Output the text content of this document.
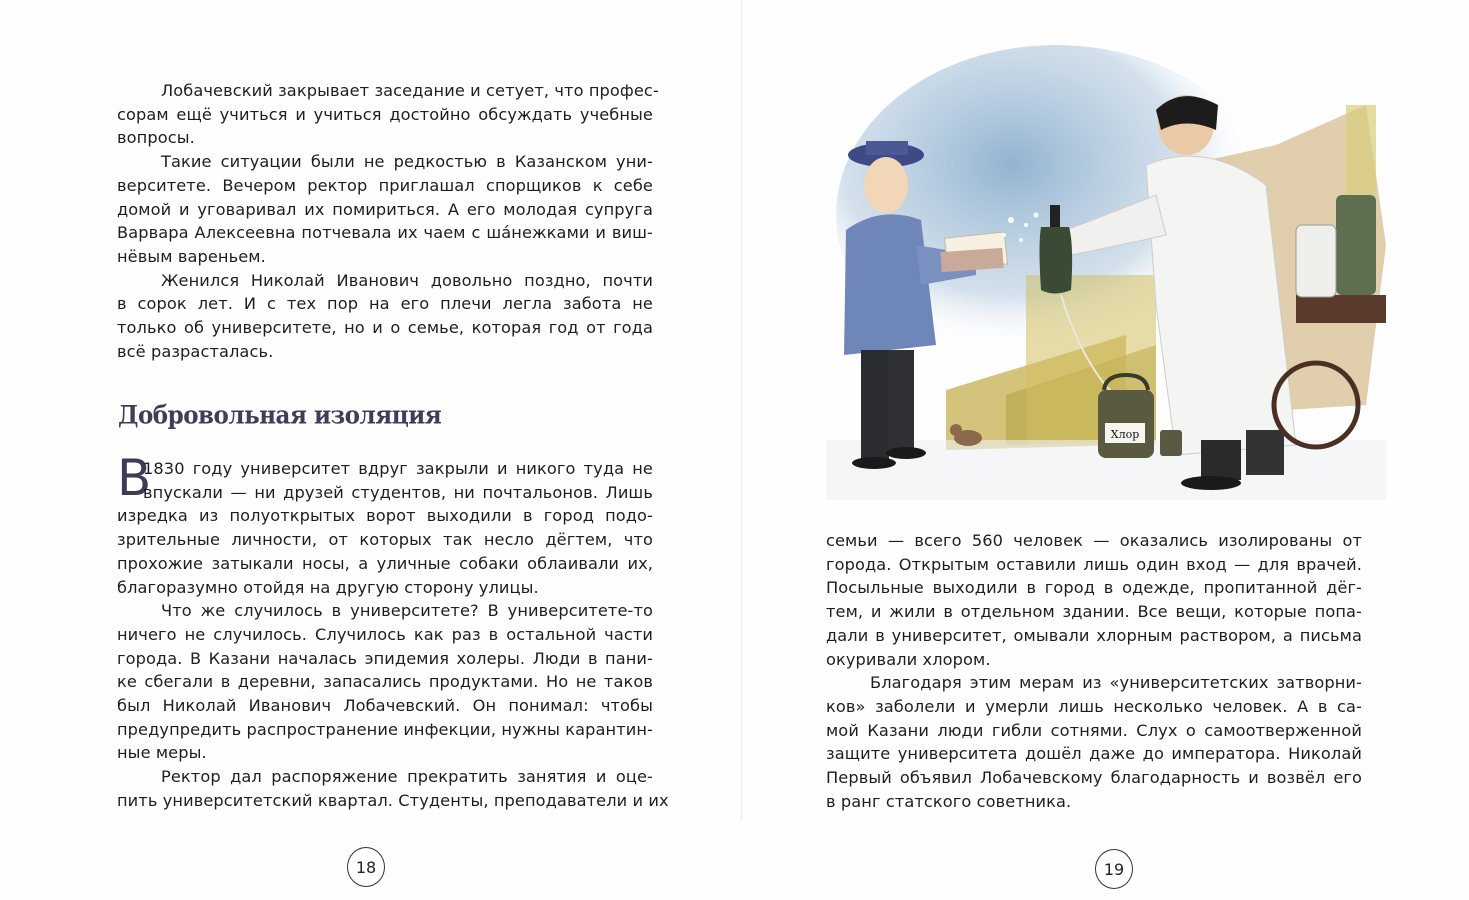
Лобачевский закрывает заседание и сетует, что профес-
сорам ещё учиться и учиться достойно обсуждать учебные
вопросы.

Такие ситуации были не редкостью в Казанском уни-
верситете. Вечером ректор приглашал спорщиков к себе
домой и уговаривал их помириться. А его молодая супруга
Варвара Алексеевна потчевала их чаем с ша́нежками и виш-
нёвым вареньем.

Женился Николай Иванович довольно поздно, почти
в сорок лет. И с тех пор на его плечи легла забота не
только об университете, но и о семье, которая год от года
всё разрасталась.

Добровольная изоляция
В

1830 году университет вдруг закрыли и никого туда не
впускали — ни друзей студентов, ни почтальонов. Лишь
изредка из полуоткрытых ворот выходили в город подо-
зрительные личности, от которых так несло дёгтем, что
прохожие затыкали носы, а уличные собаки облаивали их,
благоразумно отойдя на другую сторону улицы.

Что же случилось в университете? В университете-то
ничего не случилось. Случилось как раз в остальной части
города. В Казани началась эпидемия холеры. Люди в пани-
ке сбегали в деревни, запасались продуктами. Но не таков
был Николай Иванович Лобачевский. Он понимал: чтобы
предупредить распространение инфекции, нужны карантин-
ные меры.

Ректор дал распоряжение прекратить занятия и оце-
пить университетский квартал. Студенты, преподаватели и их

18
Хлор

семьи — всего 560 человек — оказались изолированы от
города. Открытым оставили лишь один вход — для врачей.
Посыльные выходили в город в одежде, пропитанной дёг-
тем, и жили в отдельном здании. Все вещи, которые попа-
дали в университет, омывали хлорным раствором, а письма
окуривали хлором.

Благодаря этим мерам из «университетских затворни-
ков» заболели и умерли лишь несколько человек. А в са-
мой Казани люди гибли сотнями. Слух о самоотверженной
защите университета дошёл даже до императора. Николай
Первый объявил Лобачевскому благодарность и возвёл его
в ранг статского советника.

19
